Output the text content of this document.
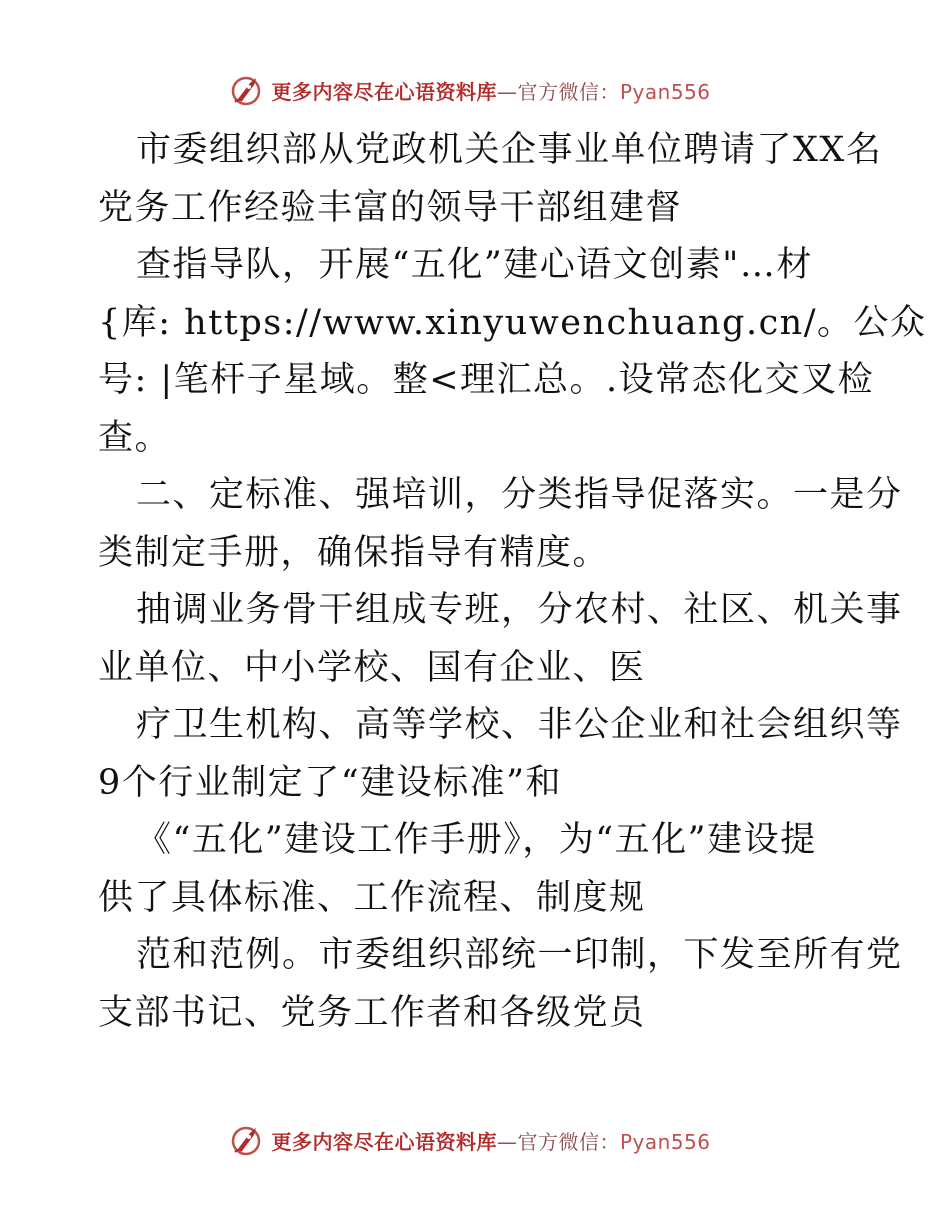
更多内容尽在心语资料库—官方微信：Pyan556
市委组织部从党政机关企事业单位聘请了XX名
党务工作经验丰富的领导干部组建督
查指导队，开展“五化”建心语文创素"…材
{库: https://www.xinyuwenchuang.cn/。公众
号: |笔杆子星域。整<理汇总。.设常态化交叉检
查。
二、定标准、强培训，分类指导促落实。一是分
类制定手册，确保指导有精度。
抽调业务骨干组成专班，分农村、社区、机关事
业单位、中小学校、国有企业、医
疗卫生机构、高等学校、非公企业和社会组织等
9个行业制定了“建设标准”和
《“五化”建设工作手册》，为“五化”建设提
供了具体标准、工作流程、制度规
范和范例。市委组织部统一印制，下发至所有党
支部书记、党务工作者和各级党员
更多内容尽在心语资料库—官方微信：Pyan556
